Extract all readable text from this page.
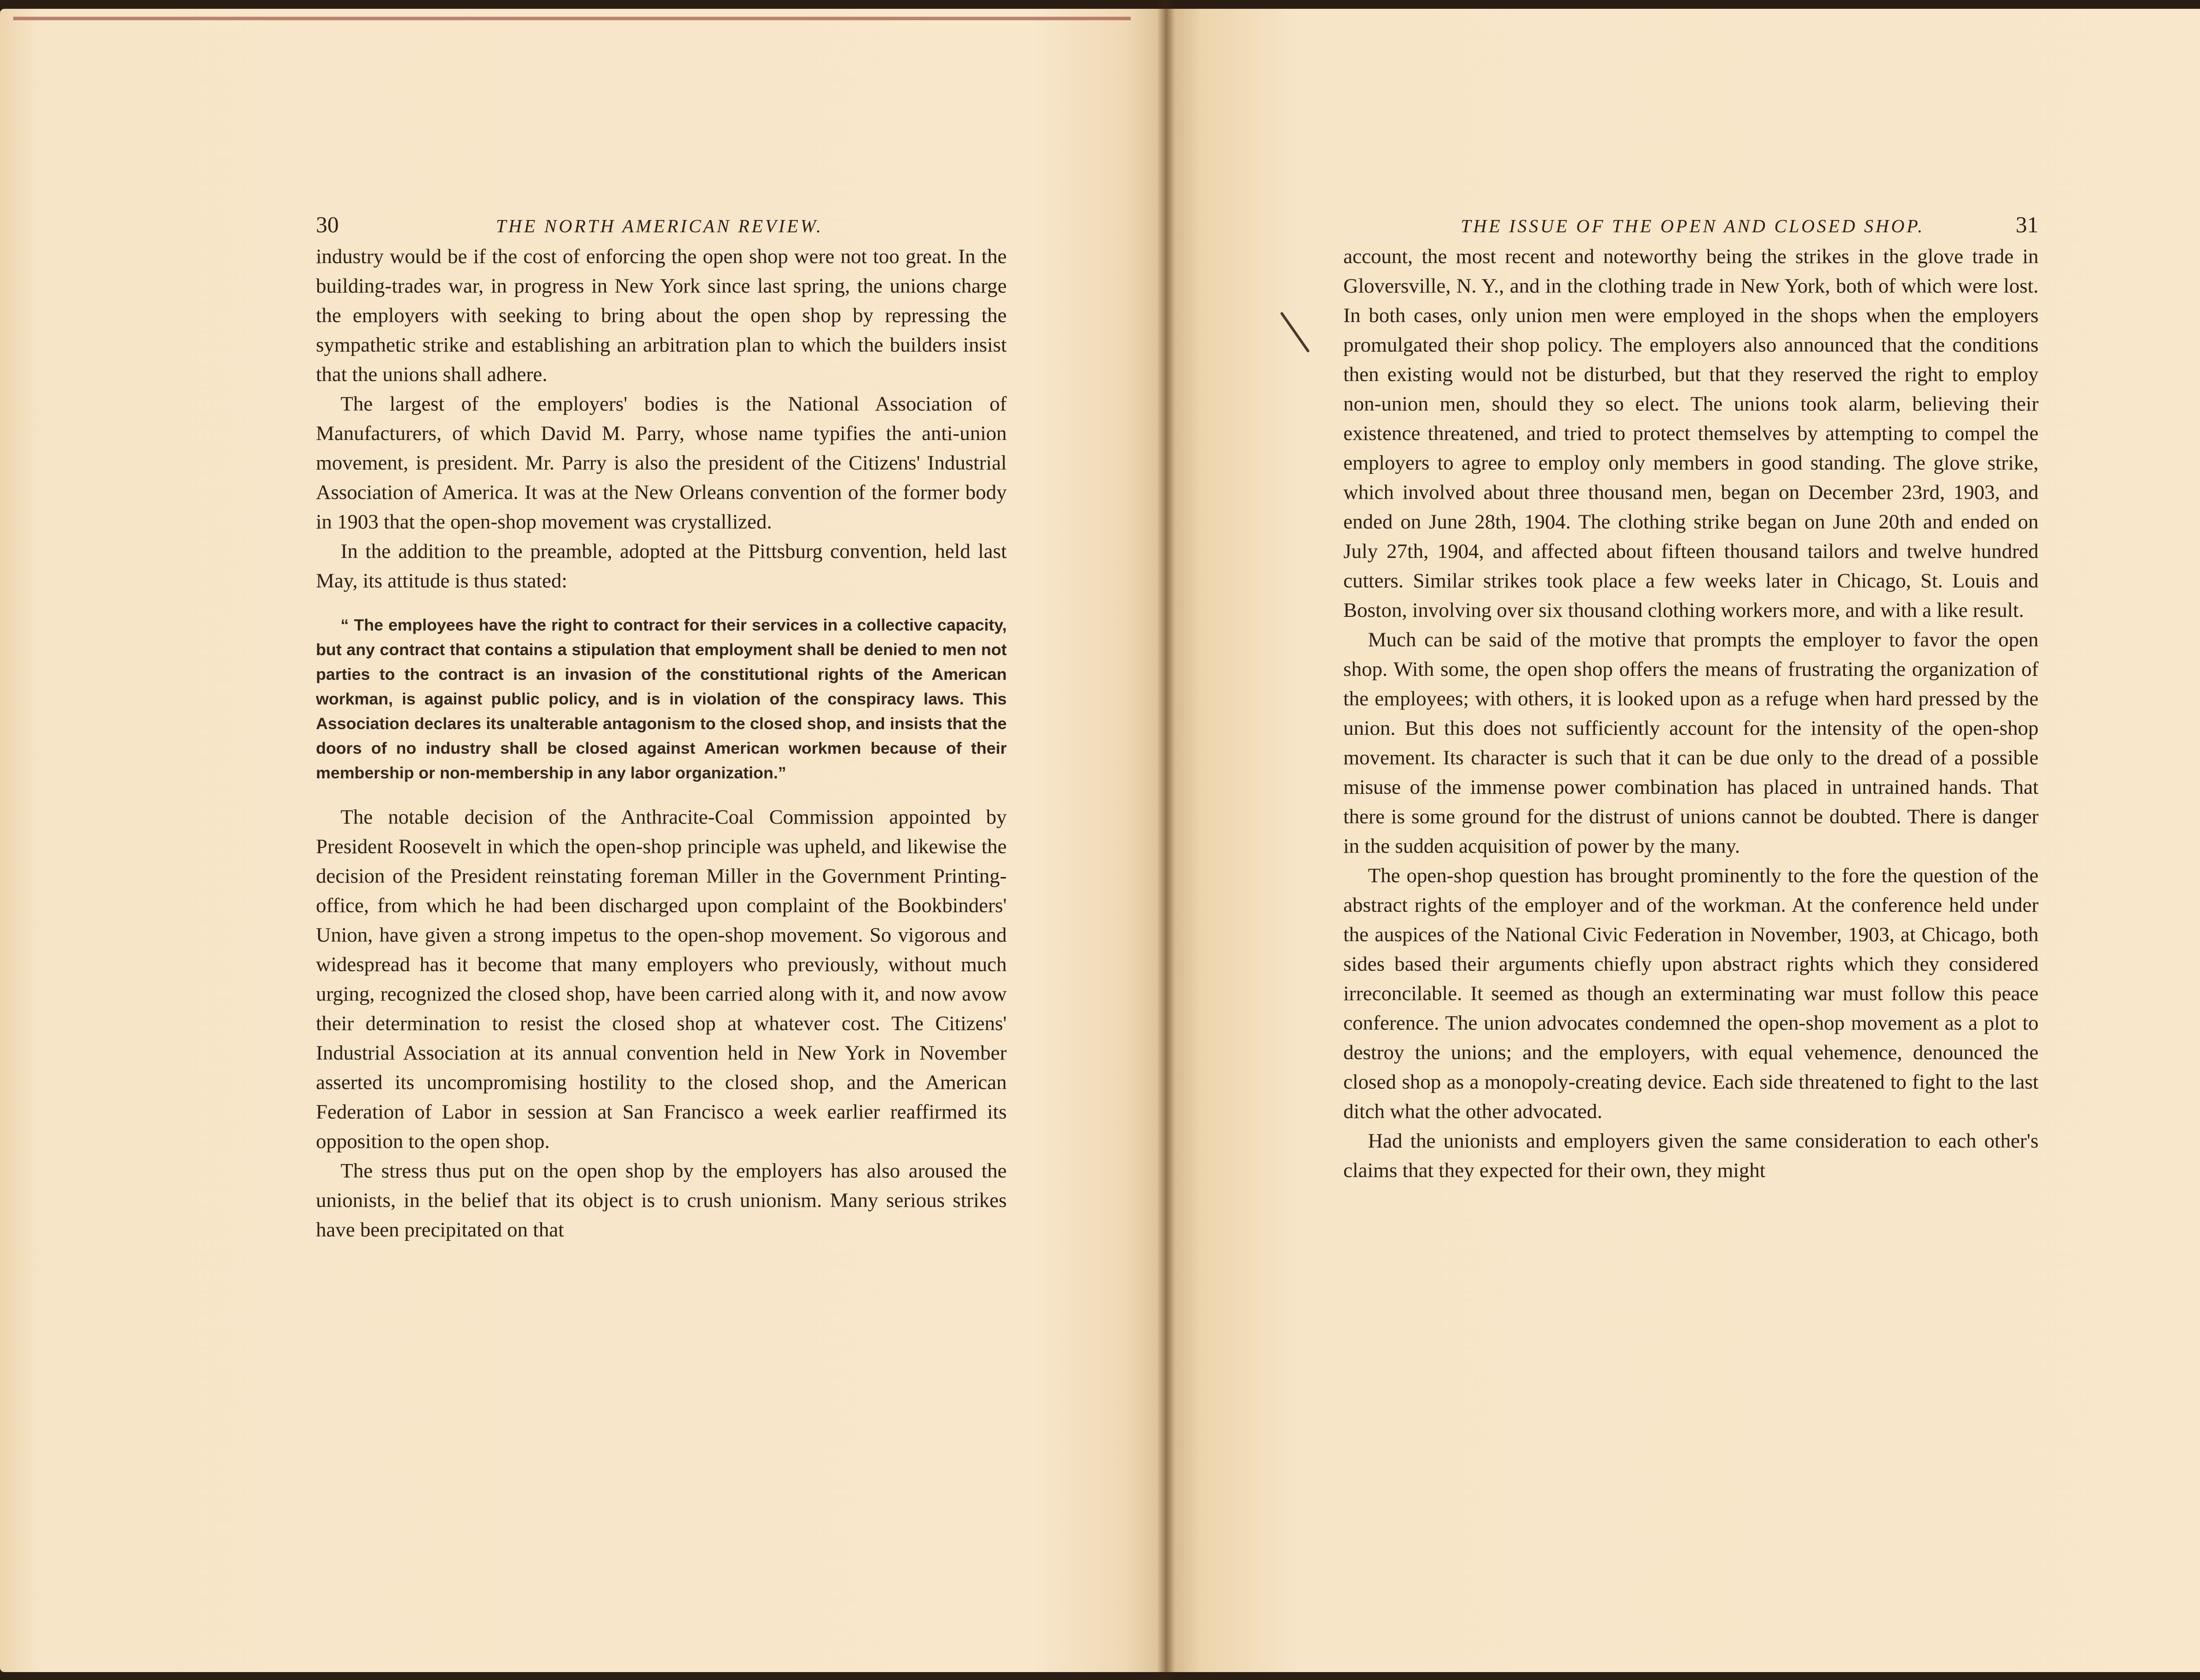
30	THE NORTH AMERICAN REVIEW.

industry would be if the cost of enforcing the open shop were not too great. In the building-trades war, in progress in New York since last spring, the unions charge the employers with seeking to bring about the open shop by repressing the sympathetic strike and establishing an arbitration plan to which the builders insist that the unions shall adhere.

The largest of the employers' bodies is the National Association of Manufacturers, of which David M. Parry, whose name typifies the anti-union movement, is president. Mr. Parry is also the president of the Citizens' Industrial Association of America. It was at the New Orleans convention of the former body in 1903 that the open-shop movement was crystallized.

In the addition to the preamble, adopted at the Pittsburg convention, held last May, its attitude is thus stated:

“ The employees have the right to contract for their services in a collective capacity, but any contract that contains a stipulation that employment shall be denied to men not parties to the contract is an invasion of the constitutional rights of the American workman, is against public policy, and is in violation of the conspiracy laws. This Association declares its unalterable antagonism to the closed shop, and insists that the doors of no industry shall be closed against American workmen because of their membership or non-membership in any labor organization.”

The notable decision of the Anthracite-Coal Commission appointed by President Roosevelt in which the open-shop principle was upheld, and likewise the decision of the President reinstating foreman Miller in the Government Printing-office, from which he had been discharged upon complaint of the Bookbinders' Union, have given a strong impetus to the open-shop movement. So vigorous and widespread has it become that many employers who previously, without much urging, recognized the closed shop, have been carried along with it, and now avow their determination to resist the closed shop at whatever cost. The Citizens' Industrial Association at its annual convention held in New York in November asserted its uncompromising hostility to the closed shop, and the American Federation of Labor in session at San Francisco a week earlier reaffirmed its opposition to the open shop.

The stress thus put on the open shop by the employers has also aroused the unionists, in the belief that its object is to crush unionism. Many serious strikes have been precipitated on that

THE ISSUE OF THE OPEN AND CLOSED SHOP.	31

account, the most recent and noteworthy being the strikes in the glove trade in Gloversville, N. Y., and in the clothing trade in New York, both of which were lost. In both cases, only union men were employed in the shops when the employers promulgated their shop policy. The employers also announced that the conditions then existing would not be disturbed, but that they reserved the right to employ non-union men, should they so elect. The unions took alarm, believing their existence threatened, and tried to protect themselves by attempting to compel the employers to agree to employ only members in good standing. The glove strike, which involved about three thousand men, began on December 23rd, 1903, and ended on June 28th, 1904. The clothing strike began on June 20th and ended on July 27th, 1904, and affected about fifteen thousand tailors and twelve hundred cutters. Similar strikes took place a few weeks later in Chicago, St. Louis and Boston, involving over six thousand clothing workers more, and with a like result.

Much can be said of the motive that prompts the employer to favor the open shop. With some, the open shop offers the means of frustrating the organization of the employees; with others, it is looked upon as a refuge when hard pressed by the union. But this does not sufficiently account for the intensity of the open-shop movement. Its character is such that it can be due only to the dread of a possible misuse of the immense power combination has placed in untrained hands. That there is some ground for the distrust of unions cannot be doubted. There is danger in the sudden acquisition of power by the many.

The open-shop question has brought prominently to the fore the question of the abstract rights of the employer and of the workman. At the conference held under the auspices of the National Civic Federation in November, 1903, at Chicago, both sides based their arguments chiefly upon abstract rights which they considered irreconcilable. It seemed as though an exterminating war must follow this peace conference. The union advocates condemned the open-shop movement as a plot to destroy the unions; and the employers, with equal vehemence, denounced the closed shop as a monopoly-creating device. Each side threatened to fight to the last ditch what the other advocated.

Had the unionists and employers given the same consideration to each other's claims that they expected for their own, they might
